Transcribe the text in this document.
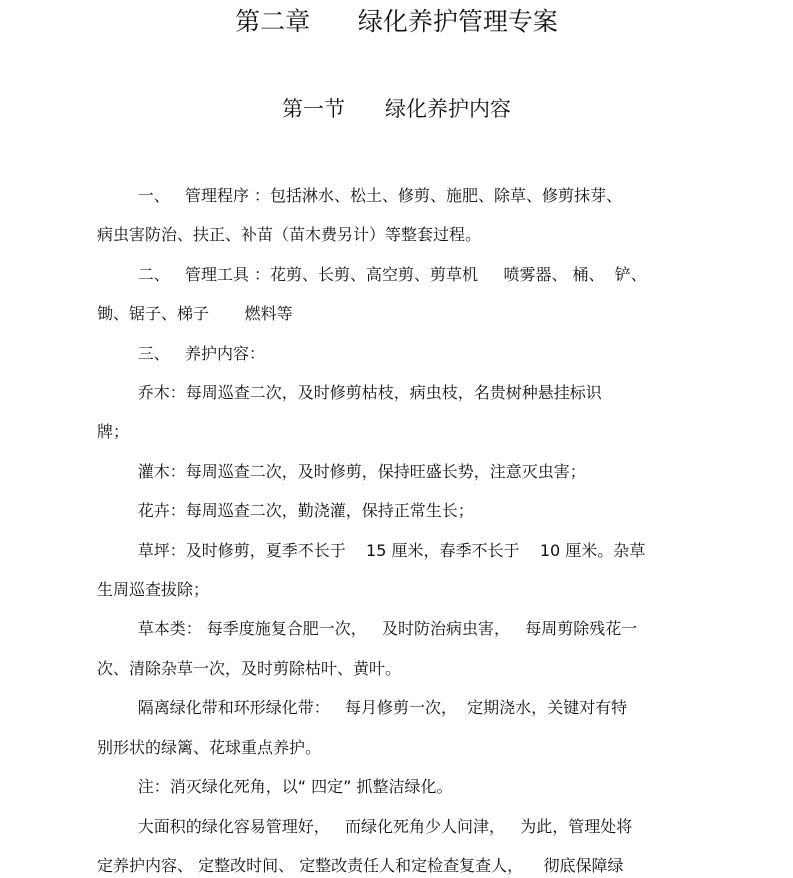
第二章      绿化养护管理专案
第一节      绿化养护内容

一、   管理程序 ：包括淋水、松土、修剪、施肥、除草、修剪抹芽、

病虫害防治、扶正、补苗（苗木费另计）等整套过程。

二、   管理工具 ：花剪、长剪、高空剪、剪草机     喷雾器、 桶、  铲、

锄、锯子、梯子       燃料等

三、   养护内容：

乔木：每周巡查二次，及时修剪枯枝，病虫枝，名贵树种悬挂标识

牌；

灌木：每周巡查二次，及时修剪，保持旺盛长势，注意灭虫害；

花卉：每周巡查二次，勤浇灌，保持正常生长；

草坪：及时修剪，夏季不长于    15 厘米，春季不长于    10 厘米。杂草

生周巡查拔除；

草本类： 每季度施复合肥一次，   及时防治病虫害，   每周剪除残花一

次、清除杂草一次，及时剪除枯叶、黄叶。

隔离绿化带和环形绿化带：   每月修剪一次，  定期浇水，关键对有特

别形状的绿篱、花球重点养护。

注：消灭绿化死角，以“ 四定” 抓整洁绿化。

大面积的绿化容易管理好，   而绿化死角少人问津，   为此，管理处将

定养护内容、 定整改时间、 定整改责任人和定检查复查人，    彻底保障绿
